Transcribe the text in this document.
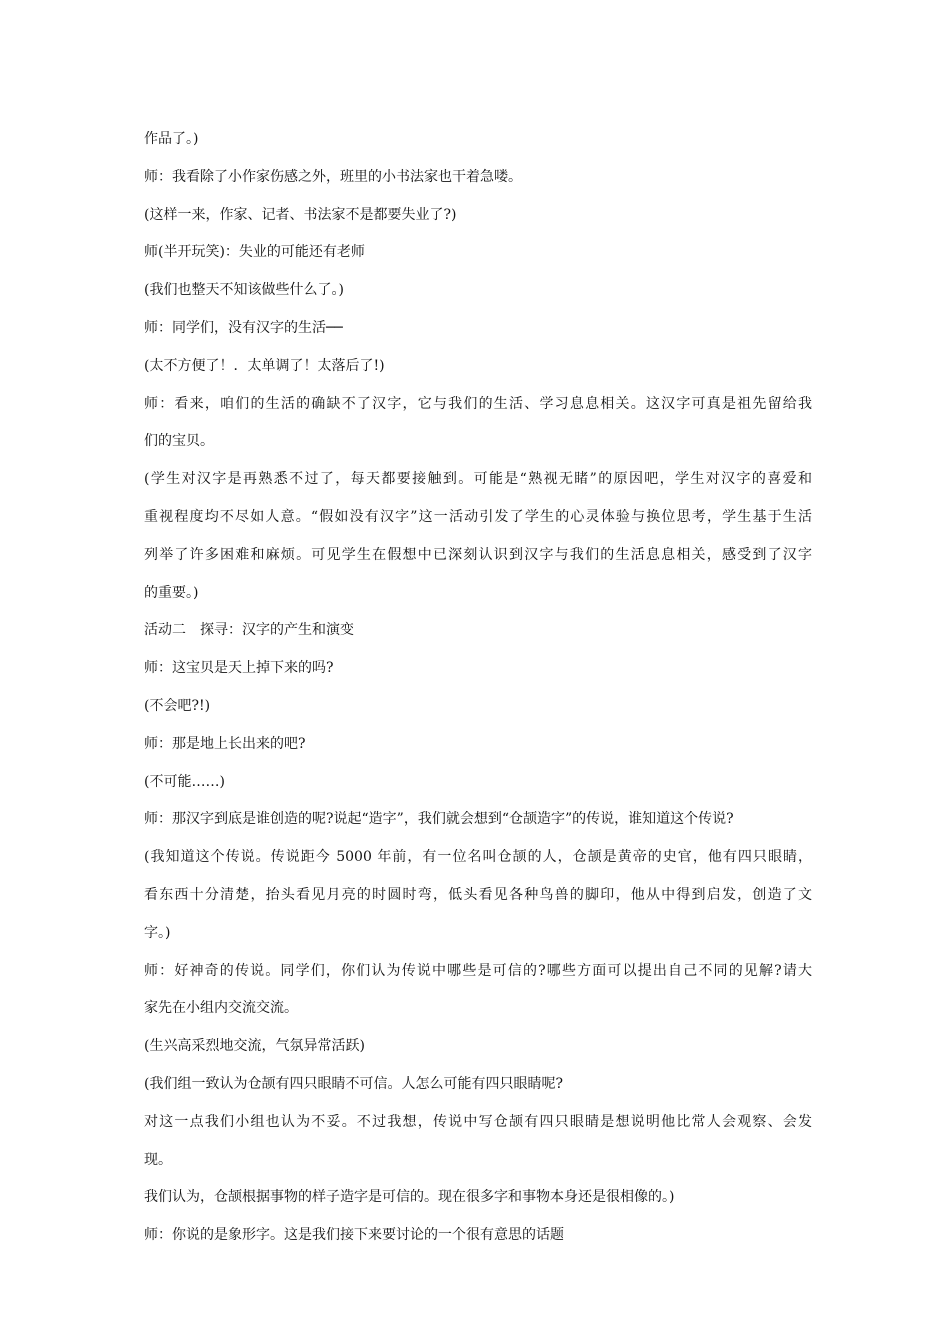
作品了。)
师：我看除了小作家伤感之外，班里的小书法家也干着急喽。
(这样一来，作家、记者、书法家不是都要失业了?)
师(半开玩笑)：失业的可能还有老师
(我们也整天不知该做些什么了。)
师：同学们，没有汉字的生活──
(太不方便了！．太单调了！太落后了!)
师：看来，咱们的生活的确缺不了汉字，它与我们的生活、学习息息相关。这汉字可真是祖先留给我
们的宝贝。
(学生对汉字是再熟悉不过了，每天都要接触到。可能是“熟视无睹”的原因吧，学生对汉字的喜爱和
重视程度均不尽如人意。“假如没有汉字”这一活动引发了学生的心灵体验与换位思考，学生基于生活
列举了许多困难和麻烦。可见学生在假想中已深刻认识到汉字与我们的生活息息相关，感受到了汉字
的重要。)
活动二　探寻：汉字的产生和演变
师：这宝贝是天上掉下来的吗?
(不会吧?!)
师：那是地上长出来的吧?
(不可能……)
师：那汉字到底是谁创造的呢?说起“造字”，我们就会想到“仓颉造字”的传说，谁知道这个传说?
(我知道这个传说。传说距今 5000 年前，有一位名叫仓颉的人，仓颉是黄帝的史官，他有四只眼睛，
看东西十分清楚，抬头看见月亮的时圆时弯，低头看见各种鸟兽的脚印，他从中得到启发，创造了文
字。)
师：好神奇的传说。同学们，你们认为传说中哪些是可信的?哪些方面可以提出自己不同的见解?请大
家先在小组内交流交流。
(生兴高采烈地交流，气氛异常活跃)
(我们组一致认为仓颉有四只眼睛不可信。人怎么可能有四只眼睛呢?
对这一点我们小组也认为不妥。不过我想，传说中写仓颉有四只眼睛是想说明他比常人会观察、会发
现。
我们认为，仓颉根据事物的样子造字是可信的。现在很多字和事物本身还是很相像的。)
师：你说的是象形字。这是我们接下来要讨论的一个很有意思的话题
